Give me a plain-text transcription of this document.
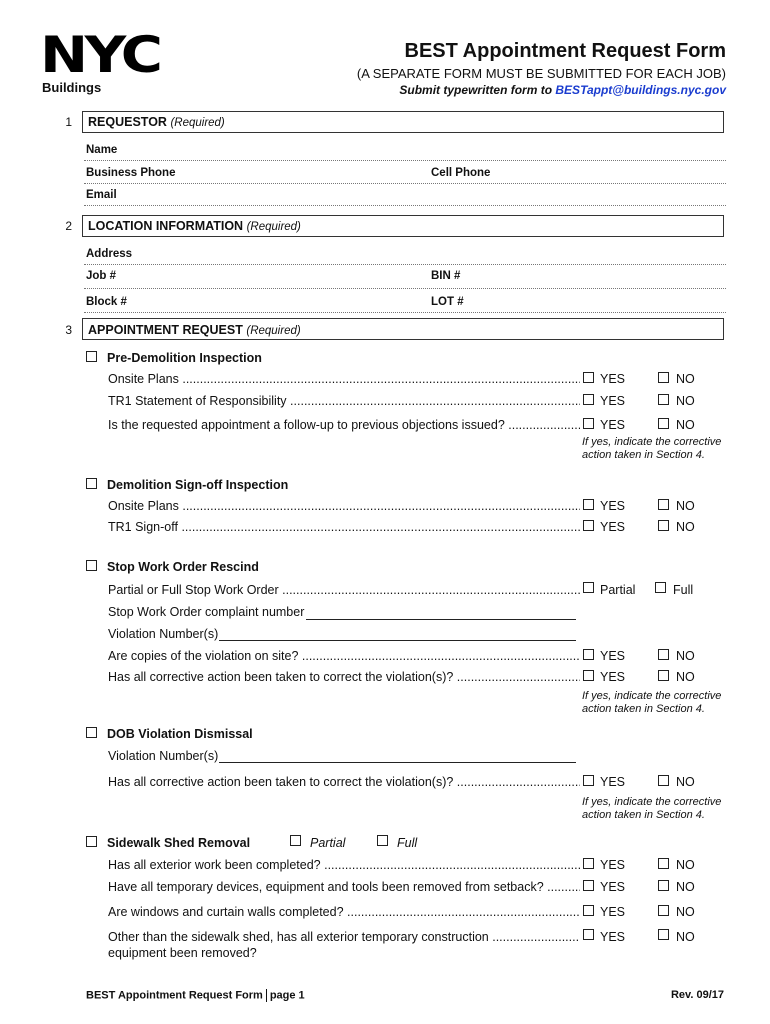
NYC
Buildings
BEST Appointment Request Form
(A SEPARATE FORM MUST BE SUBMITTED FOR EACH JOB)
Submit typewritten form to BESTappt@buildings.nyc.gov
1 REQUESTOR (Required)
Name
Business Phone	Cell Phone
Email
2 LOCATION INFORMATION (Required)
Address
Job #	BIN #
Block #	LOT #
3 APPOINTMENT REQUEST (Required)
Pre-Demolition Inspection
Onsite Plans .....	YES	NO
TR1 Statement of Responsibility .....	YES	NO
Is the requested appointment a follow-up to previous objections issued? .....	YES	NO
If yes, indicate the corrective
action taken in Section 4.
Demolition Sign-off Inspection
Onsite Plans .....	YES	NO
TR1 Sign-off .....	YES	NO
Stop Work Order Rescind
Partial or Full Stop Work Order .....	Partial	Full
Stop Work Order complaint number
Violation Number(s)
Are copies of the violation on site? .....	YES	NO
Has all corrective action been taken to correct the violation(s)? .....	YES	NO
If yes, indicate the corrective
action taken in Section 4.
DOB Violation Dismissal
Violation Number(s)
Has all corrective action been taken to correct the violation(s)? .....	YES	NO
If yes, indicate the corrective
action taken in Section 4.
Sidewalk Shed Removal	Partial	Full
Has all exterior work been completed? .....	YES	NO
Have all temporary devices, equipment and tools been removed from setback? .....	YES	NO
Are windows and curtain walls completed? .....	YES	NO
Other than the sidewalk shed, has all exterior temporary construction .....
equipment been removed?
YES	NO
BEST Appointment Request Form page 1	Rev. 09/17
